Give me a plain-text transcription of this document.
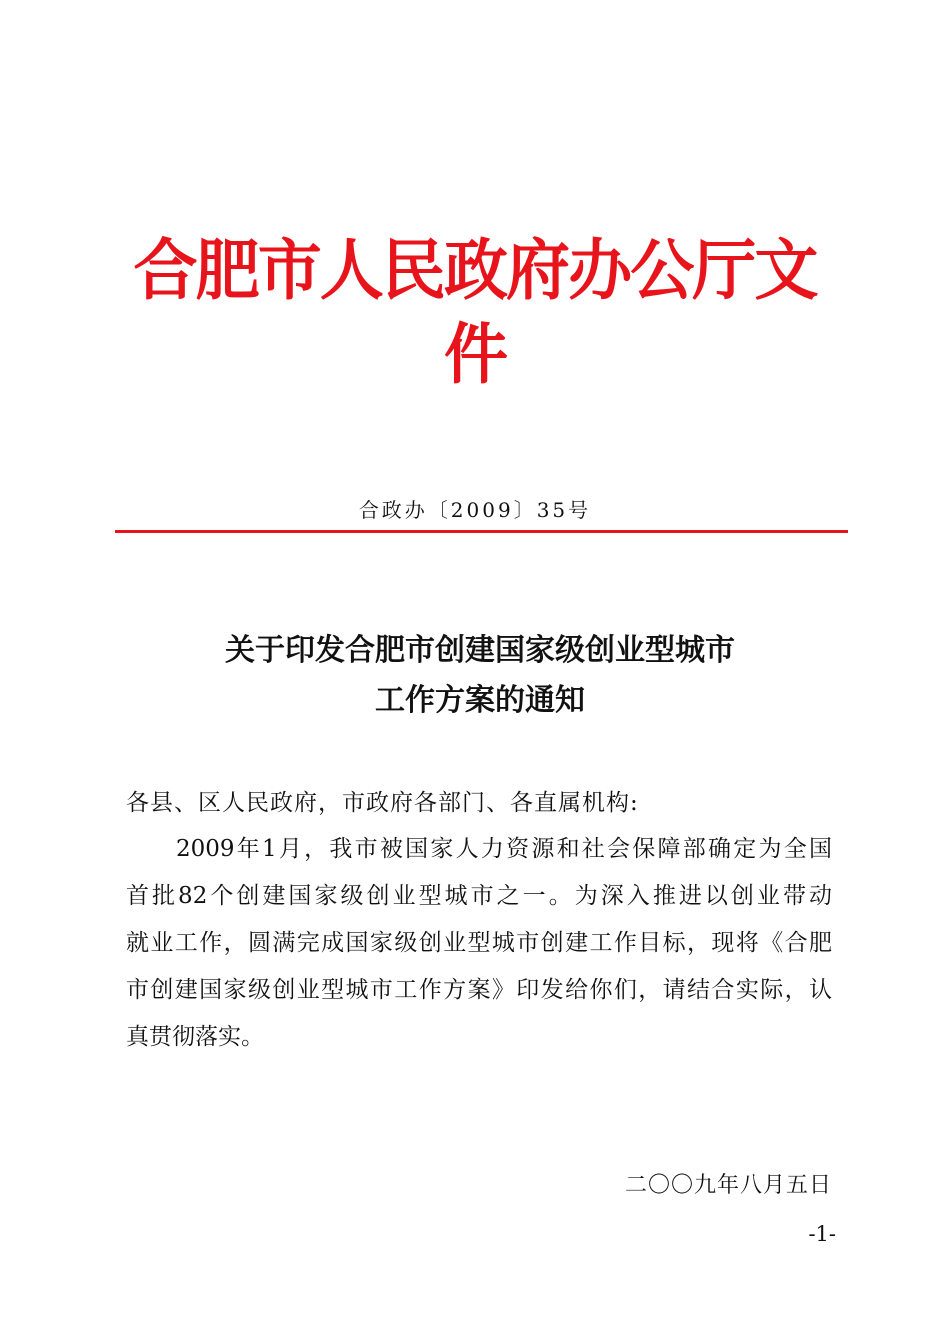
合肥市人民政府办公厅文
件
合政办〔2009〕35号
关于印发合肥市创建国家级创业型城市
工作方案的通知
各县、区人民政府，市政府各部门、各直属机构:
2009年1月，我市被国家人力资源和社会保障部确定为全国
首批82个创建国家级创业型城市之一。为深入推进以创业带动
就业工作，圆满完成国家级创业型城市创建工作目标，现将《合肥
市创建国家级创业型城市工作方案》印发给你们，请结合实际，认
真贯彻落实。
二〇〇九年八月五日
-1-
